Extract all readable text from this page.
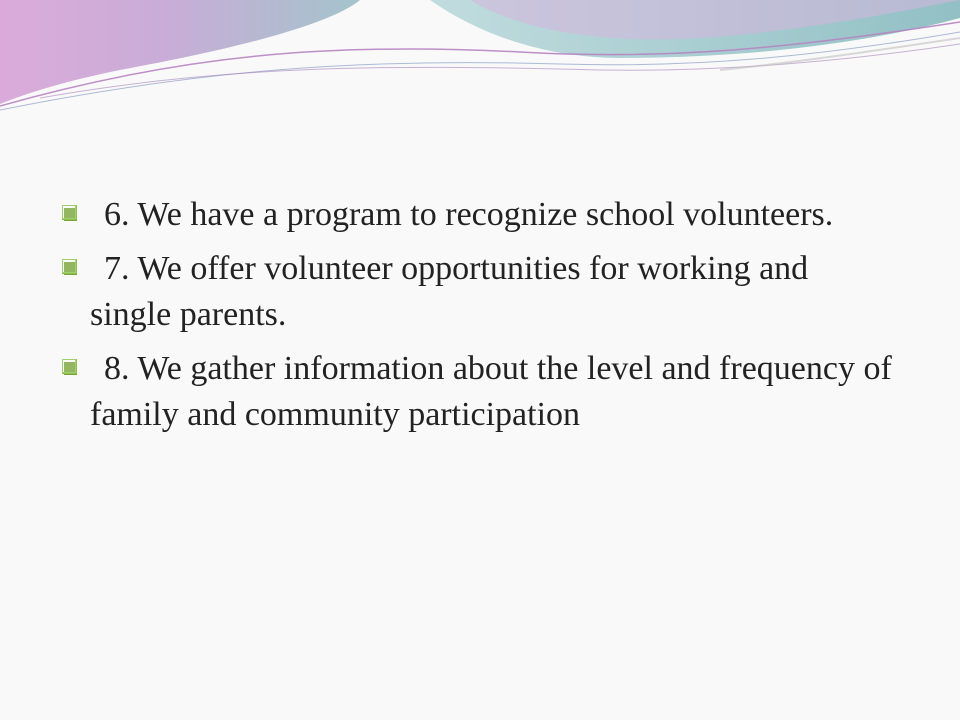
6. We have a program to recognize school volunteers.
7. We offer volunteer opportunities for working and single parents.
8. We gather information about the level and frequency of family and community participation
